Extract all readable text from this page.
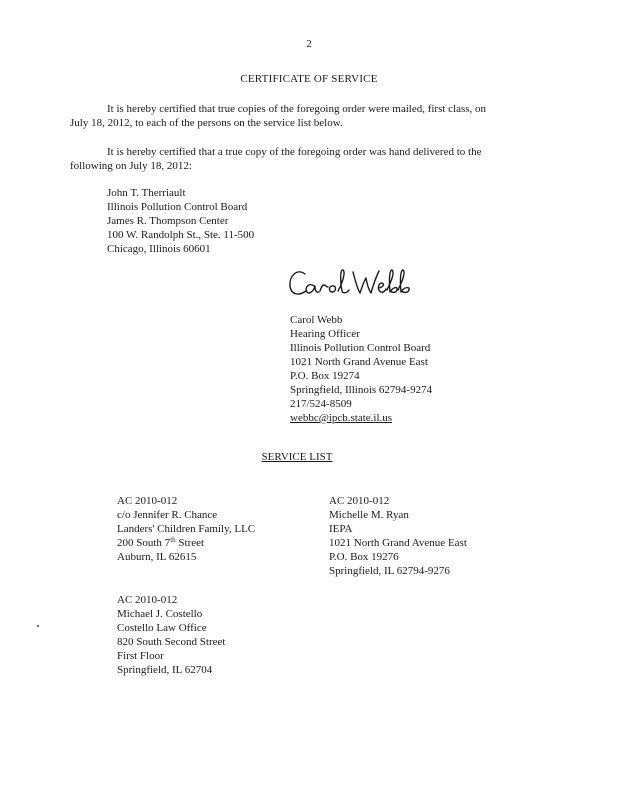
2
CERTIFICATE OF SERVICE
It is hereby certified that true copies of the foregoing order were mailed, first class, on
July 18, 2012, to each of the persons on the service list below.
It is hereby certified that a true copy of the foregoing order was hand delivered to the
following on July 18, 2012:
John T. Therriault
Illinois Pollution Control Board
James R. Thompson Center
100 W. Randolph St., Ste. 11-500
Chicago, Illinois 60601
Carol Webb
Hearing Officer
Illinois Pollution Control Board
1021 North Grand Avenue East
P.O. Box 19274
Springfield, Illinois 62794-9274
217/524-8509
webbc@ipcb.state.il.us
SERVICE LIST
AC 2010-012
c/o Jennifer R. Chance
Landers' Children Family, LLC
200 South 7th Street
Auburn, IL 62615
AC 2010-012
Michelle M. Ryan
IEPA
1021 North Grand Avenue East
P.O. Box 19276
Springfield, IL 62794-9276
AC 2010-012
Michael J. Costello
Costello Law Office
820 South Second Street
First Floor
Springfield, IL 62704
